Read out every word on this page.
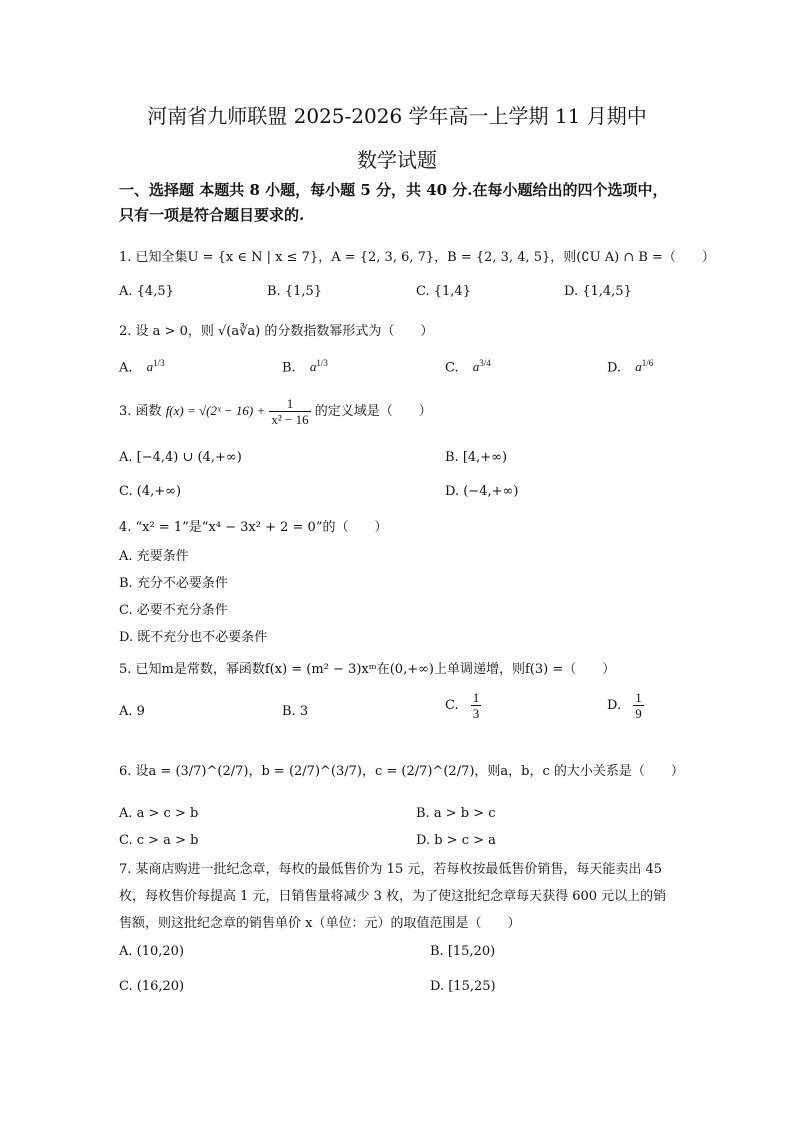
河南省九师联盟 2025-2026 学年高一上学期 11 月期中
数学试题
一、选择题 本题共 8 小题，每小题 5 分，共 40 分.在每小题给出的四个选项中，只有一项是符合题目要求的.
1. 已知全集U = {x ∈ N | x ≤ 7}，A = {2, 3, 6, 7}，B = {2, 3, 4, 5}，则(∁U A) ∩ B =（　　）
A. {4,5}	B. {1,5}	C. {1,4}	D. {1,4,5}
2. 设 a > 0，则 √(a∛a) 的分数指数幂形式为（　　）
A. $a^{1/3}$	B. $a^{1/3}$	C. $a^{3/4}$	D. $a^{1/6}$
3. 函数 f(x) = √(2ˣ − $16) + \frac{1}{\text{x² − 16}}$ 的定义域是（　　）
A. [−4,4) ∪ (4,+∞)	B. [4,+∞)
C. (4,+∞)	D. (−4,+∞)
4. “x² = 1”是“x⁴ − 3x² + 2 = 0”的（　　）
A. 充要条件
B. 充分不必要条件
C. 必要不充分条件
D. 既不充分也不必要条件
5. 已知m是常数，幂函数f(x) = (m² − 3)xᵐ在(0,+∞)上单调递增，则f(3) =（　　）
A. 9	B. 3	C. $\frac{1}{3}$	D. $\frac{1}{9}$
6. 设a = (3/7)^(2/7)，b = (2/7)^(3/7)，c = (2/7)^(2/7)，则a，b，c 的大小关系是（　　）
A. a > c > b	B. a > b > c
C. c > a > b	D. b > c > a
7. 某商店购进一批纪念章，每枚的最低售价为 15 元，若每枚按最低售价销售，每天能卖出 45 枚，每枚售价每提高 1 元，日销售量将减少 3 枚，为了使这批纪念章每天获得 600 元以上的销售额，则这批纪念章的销售单价 x（单位：元）的取值范围是（　　）
A. (10,20)	B. [15,20)
C. (16,20)	D. [15,25)
